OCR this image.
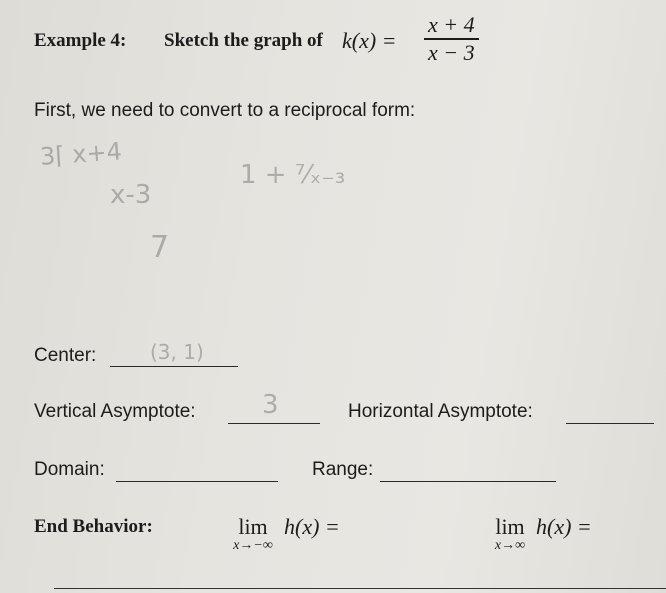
3⌈ x+4
x-3
1 + ⁷⁄ₓ₋₃
7
(3, 1)
3
Example 4: Sketch the graph of $k(x) = \frac{x + 4}{x - 3}$
First, we need to convert to a reciprocal form:
Center:
Vertical Asymptote:	Horizontal Asymptote:
Domain:	Range:
End Behavior:	lim
x→−∞
h(x) =	lim
x→∞
h(x) =
